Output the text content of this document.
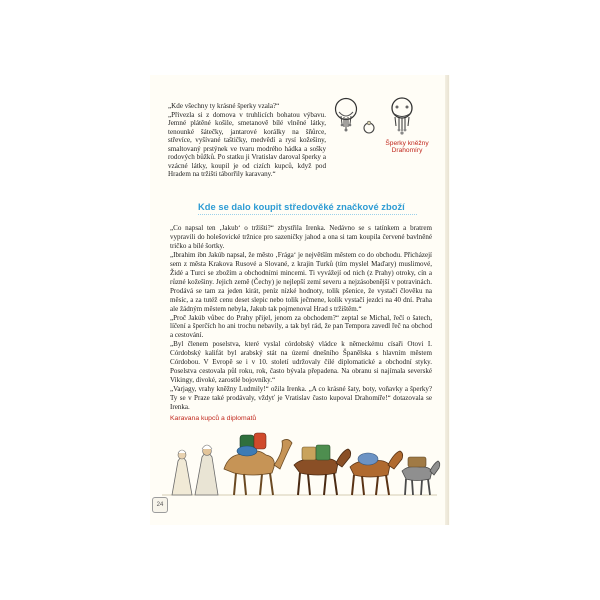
„Kde všechny ty krásné šperky vzala?“

„Přivezla si z domova v truhlicích bohatou výbavu. Jemné plátěné košile, smetanově bílé vlněné látky, tenounké šátečky, jantarové korálky na šňůrce, střevíce, vyšívané taštičky, medvědí a rysí kožešiny, smaltovaný prstýnek ve tvaru modrého hádka a sošky rodových bůžků. Po statku ji Vratislav daroval šperky a vzácné látky, koupil je od cizích kupců, když pod Hradem na tržišti táborřily karavany.“

Šperky kněžny Drahomíry
Kde se dalo koupit středověké značkové zboží

„Co napsal ten ‚Jakub‘ o tržišti?“ zbystřila Irenka. Nedávno se s tatínkem a bratrem vypravili do holešovické tržnice pro sazeničky jahod a ona si tam koupila červené bavlněné tričko a bílé šortky.

„Ibrahim ibn Jakúb napsal, že město ‚Frága‘ je největším městem co do obchodu. Přicházejí sem z města Krakova Rusové a Slované, z krajin Turků (tím myslel Maďary) muslimové, Židé a Turci se zbožím a obchodními mincemi. Ti vyvážejí od nich (z Prahy) otroky, cín a různé kožešiny. Jejich země (Čechy) je nejlepší zemí severu a nejzásobenější v potravinách. Prodává se tam za jeden kirát, peníz nízké hodnoty, tolik pšenice, že vystačí člověku na měsíc, a za tutéž cenu deset slepic nebo tolik ječmene, kolik vystačí jezdci na 40 dní. Praha ale žádným městem nebyla, Jakub tak pojmenoval Hrad s tržištěm.“

„Proč Jakúb vůbec do Prahy přijel, jenom za obchodem?“ zeptal se Michal, řečí o šatech, líčení a šperčích ho ani trochu nebavily, a tak byl rád, že pan Tempora zavedl řeč na obchod a cestování.

„Byl členem poselstva, které vyslal córdobský vládce k německému císaři Otovi I. Córdobský kalifát byl arabský stát na území dnešního Španělska s hlavním městem Córdobou. V Evropě se i v 10. století udržovaly čilé diplomatické a obchodní styky. Poselstva cestovala půl roku, rok, často bývala přepadena. Na obranu si najímala severské Vikingy, divoké, zarostlé bojovníky.“

„Varjagy, vrahy kněžny Ludmily!“ ožila Irenka. „A co krásné šaty, boty, voňavky a šperky? Ty se v Praze také prodávaly, vždyť je Vratislav často kupoval Drahomíře!“ dotazovala se Irenka.

Karavana kupců a diplomatů
24
